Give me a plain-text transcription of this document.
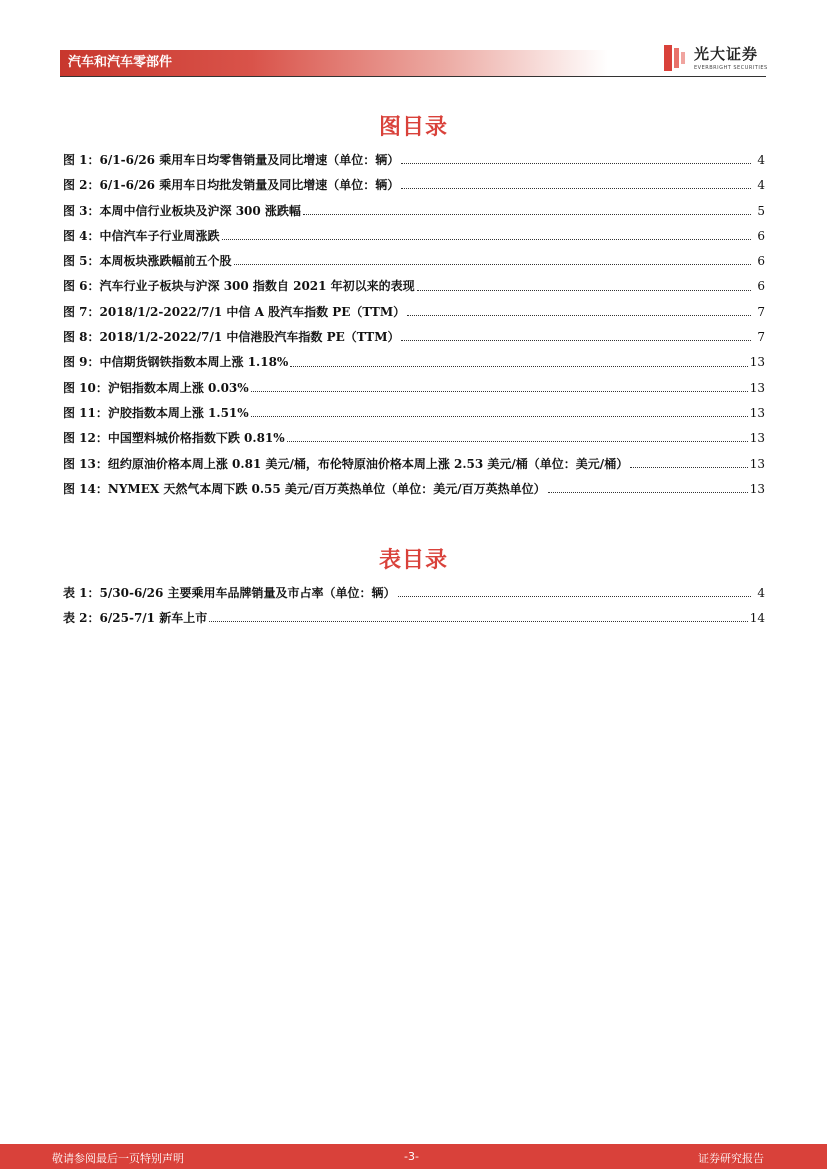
汽车和汽车零部件	光大证券
EVERBRIGHT SECURITIES
图目录
图 1：6/1-6/26 乘用车日均零售销量及同比增速（单位：辆）	4
图 2：6/1-6/26 乘用车日均批发销量及同比增速（单位：辆）	4
图 3：本周中信行业板块及沪深 300 涨跌幅	5
图 4：中信汽车子行业周涨跌	6
图 5：本周板块涨跌幅前五个股	6
图 6：汽车行业子板块与沪深 300 指数自 2021 年初以来的表现	6
图 7：2018/1/2-2022/7/1 中信 A 股汽车指数 PE（TTM）	7
图 8：2018/1/2-2022/7/1 中信港股汽车指数 PE（TTM）	7
图 9：中信期货钢铁指数本周上涨 1.18%	13
图 10：沪铝指数本周上涨 0.03%	13
图 11：沪胶指数本周上涨 1.51%	13
图 12：中国塑料城价格指数下跌 0.81%	13
图 13：纽约原油价格本周上涨 0.81 美元/桶，布伦特原油价格本周上涨 2.53 美元/桶（单位：美元/桶）	13
图 14：NYMEX 天然气本周下跌 0.55 美元/百万英热单位（单位：美元/百万英热单位）	13
表目录
表 1：5/30-6/26 主要乘用车品牌销量及市占率（单位：辆）	4
表 2：6/25-7/1 新车上市	14
敬请参阅最后一页特别声明	-3-	证券研究报告
